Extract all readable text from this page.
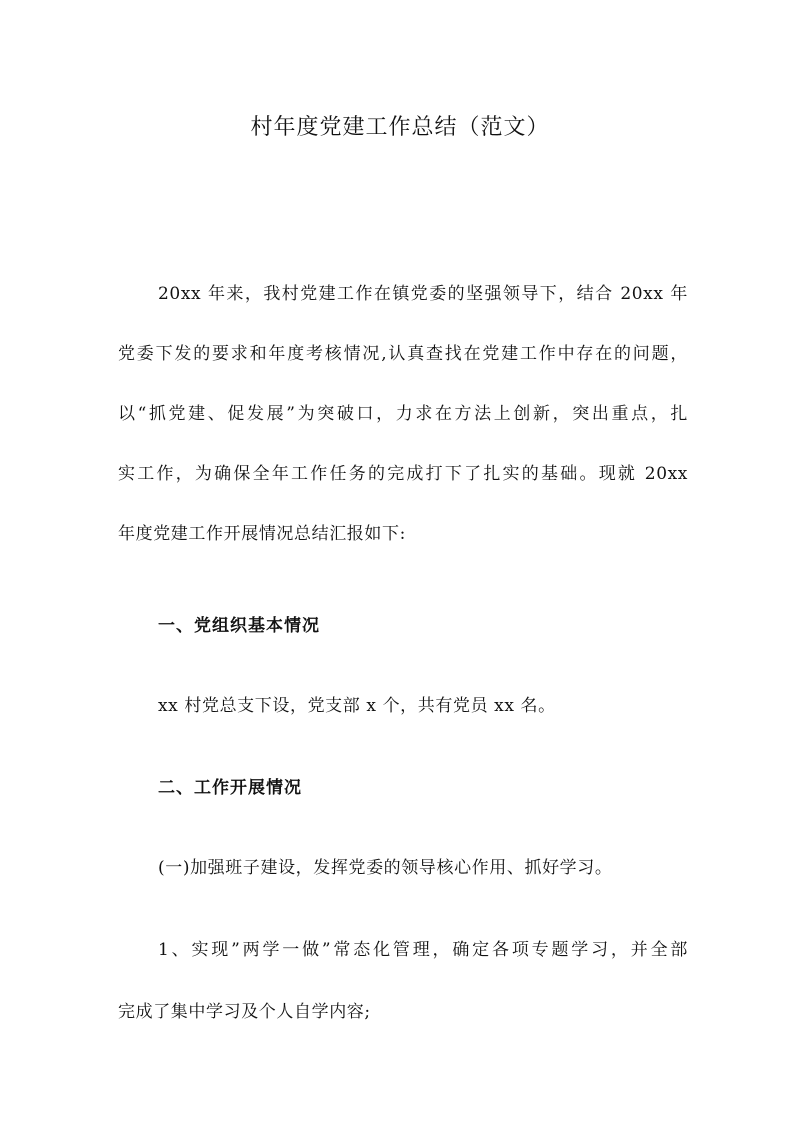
村年度党建工作总结（范文）
20xx 年来，我村党建工作在镇党委的坚强领导下，结合 20xx 年
党委下发的要求和年度考核情况,认真查找在党建工作中存在的问题，
以“抓党建、促发展”为突破口，力求在方法上创新，突出重点，扎
实工作，为确保全年工作任务的完成打下了扎实的基础。现就 20xx
年度党建工作开展情况总结汇报如下:
一、党组织基本情况
xx 村党总支下设，党支部 x 个，共有党员 xx 名。
二、工作开展情况
(一)加强班子建设，发挥党委的领导核心作用、抓好学习。
1、实现”两学一做”常态化管理，确定各项专题学习，并全部
完成了集中学习及个人自学内容;
